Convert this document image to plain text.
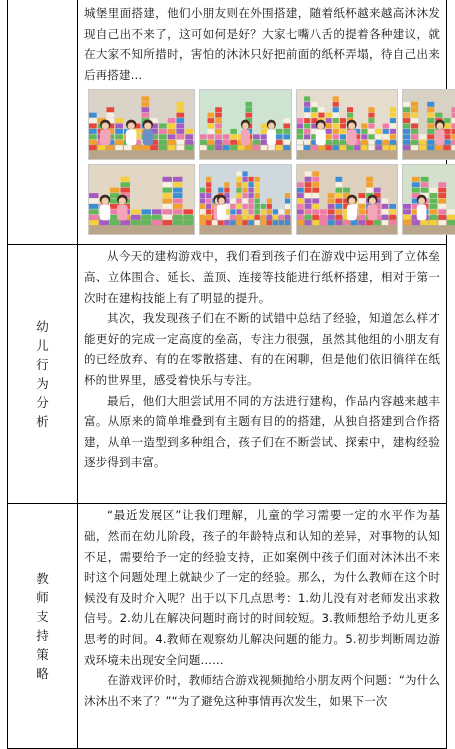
	城堡里面搭建，他们小朋友则在外围搭建，随着纸杯越来越高沐沐发现自己出不来了，这可如何是好？大家七嘴八舌的提着各种建议，就在大家不知所措时，害怕的沐沐只好把前面的纸杯弄塌，待自己出来后再搭建…

幼儿行为分析	从今天的建构游戏中，我们看到孩子们在游戏中运用到了立体垒高、立体围合、延长、盖顶、连接等技能进行纸杯搭建，相对于第一次时在建构技能上有了明显的提升。

其次，我发现孩子们在不断的试错中总结了经验，知道怎么样才能更好的完成一定高度的垒高，专注力很强，虽然其他组的小朋友有的已经放弃、有的在零散搭建、有的在闲聊，但是他们依旧徜徉在纸杯的世界里，感受着快乐与专注。

最后，他们大胆尝试用不同的方法进行建构，作品内容越来越丰富。从原来的简单堆叠到有主题有目的的搭建，从独自搭建到合作搭建，从单一造型到多种组合，孩子们在不断尝试、探索中，建构经验逐步得到丰富。

教师支持策略	“最近发展区”让我们理解，儿童的学习需要一定的水平作为基础，然而在幼儿阶段，孩子的年龄特点和认知的差异，对事物的认知不足，需要给予一定的经验支持，正如案例中孩子们面对沐沐出不来时这个问题处理上就缺少了一定的经验。那么，为什么教师在这个时候没有及时介入呢？出于以下几点思考：1.幼儿没有对老师发出求救信号。2.幼儿在解决问题时商讨的时间较短。3.教师想给予幼儿更多思考的时间。4.教师在观察幼儿解决问题的能力。5.初步判断周边游戏环境未出现安全问题……

在游戏评价时，教师结合游戏视频抛给小朋友两个问题：“为什么沐沐出不来了？”“为了避免这种事情再次发生，如果下一次
